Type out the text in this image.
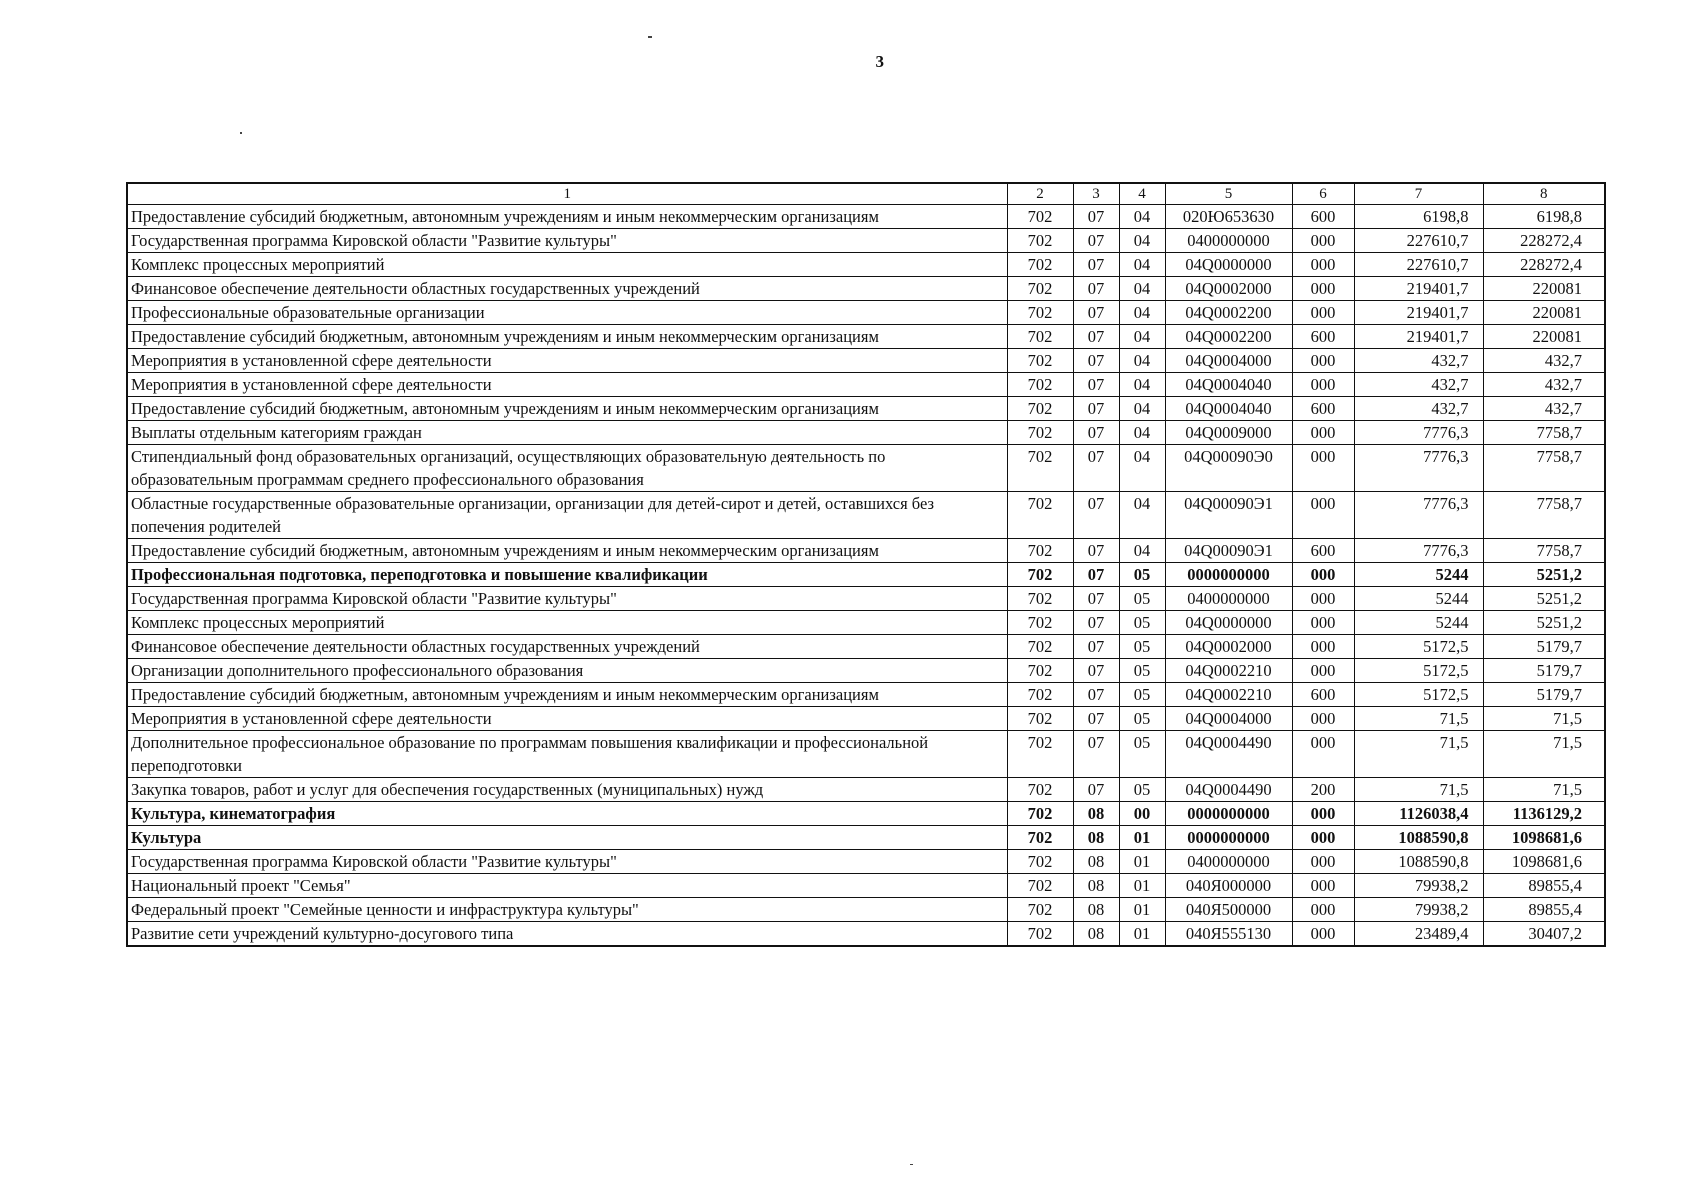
3
1	2	3	4	5	6	7	8
Предоставление субсидий бюджетным, автономным учреждениям и иным некоммерческим организациям	702	07	04	020Ю653630	600	6198,8	6198,8
Государственная программа Кировской области "Развитие культуры"	702	07	04	0400000000	000	227610,7	228272,4
Комплекс процессных мероприятий	702	07	04	04Q0000000	000	227610,7	228272,4
Финансовое обеспечение деятельности областных государственных учреждений	702	07	04	04Q0002000	000	219401,7	220081
Профессиональные образовательные организации	702	07	04	04Q0002200	000	219401,7	220081
Предоставление субсидий бюджетным, автономным учреждениям и иным некоммерческим организациям	702	07	04	04Q0002200	600	219401,7	220081
Мероприятия в установленной сфере деятельности	702	07	04	04Q0004000	000	432,7	432,7
Мероприятия в установленной сфере деятельности	702	07	04	04Q0004040	000	432,7	432,7
Предоставление субсидий бюджетным, автономным учреждениям и иным некоммерческим организациям	702	07	04	04Q0004040	600	432,7	432,7
Выплаты отдельным категориям граждан	702	07	04	04Q0009000	000	7776,3	7758,7
Стипендиальный фонд образовательных организаций, осуществляющих образовательную деятельность по образовательным программам среднего профессионального образования	702	07	04	04Q00090Э0	000	7776,3	7758,7
Областные государственные образовательные организации, организации для детей-сирот и детей, оставшихся без попечения родителей	702	07	04	04Q00090Э1	000	7776,3	7758,7
Предоставление субсидий бюджетным, автономным учреждениям и иным некоммерческим организациям	702	07	04	04Q00090Э1	600	7776,3	7758,7
Профессиональная подготовка, переподготовка и повышение квалификации	702	07	05	0000000000	000	5244	5251,2
Государственная программа Кировской области "Развитие культуры"	702	07	05	0400000000	000	5244	5251,2
Комплекс процессных мероприятий	702	07	05	04Q0000000	000	5244	5251,2
Финансовое обеспечение деятельности областных государственных учреждений	702	07	05	04Q0002000	000	5172,5	5179,7
Организации дополнительного профессионального образования	702	07	05	04Q0002210	000	5172,5	5179,7
Предоставление субсидий бюджетным, автономным учреждениям и иным некоммерческим организациям	702	07	05	04Q0002210	600	5172,5	5179,7
Мероприятия в установленной сфере деятельности	702	07	05	04Q0004000	000	71,5	71,5
Дополнительное профессиональное образование по программам повышения квалификации и профессиональной переподготовки	702	07	05	04Q0004490	000	71,5	71,5
Закупка товаров, работ и услуг для обеспечения государственных (муниципальных) нужд	702	07	05	04Q0004490	200	71,5	71,5
Культура, кинематография	702	08	00	0000000000	000	1126038,4	1136129,2
Культура	702	08	01	0000000000	000	1088590,8	1098681,6
Государственная программа Кировской области "Развитие культуры"	702	08	01	0400000000	000	1088590,8	1098681,6
Национальный проект "Семья"	702	08	01	040Я000000	000	79938,2	89855,4
Федеральный проект "Семейные ценности и инфраструктура культуры"	702	08	01	040Я500000	000	79938,2	89855,4
Развитие сети учреждений культурно-досугового типа	702	08	01	040Я555130	000	23489,4	30407,2
